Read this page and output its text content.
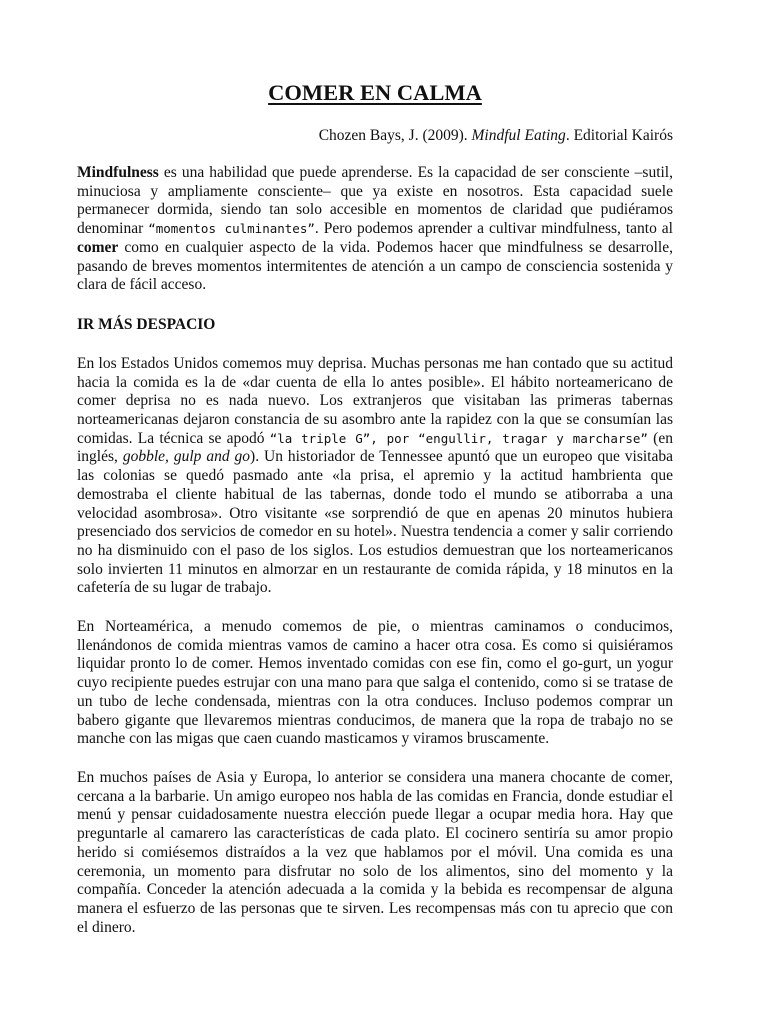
COMER EN CALMA
Chozen Bays, J. (2009). Mindful Eating. Editorial Kairós

Mindfulness es una habilidad que puede aprenderse. Es la capacidad de ser consciente –sutil, minuciosa y ampliamente consciente– que ya existe en nosotros. Esta capacidad suele permanecer dormida, siendo tan solo accesible en momentos de claridad que pudiéramos denominar “momentos culminantes”. Pero podemos aprender a cultivar mindfulness, tanto al comer como en cualquier aspecto de la vida. Podemos hacer que mindfulness se desarrolle, pasando de breves momentos intermitentes de atención a un campo de consciencia sostenida y clara de fácil acceso.

IR MÁS DESPACIO

En los Estados Unidos comemos muy deprisa. Muchas personas me han contado que su actitud hacia la comida es la de «dar cuenta de ella lo antes posible». El hábito norteamericano de comer deprisa no es nada nuevo. Los extranjeros que visitaban las primeras tabernas norteamericanas dejaron constancia de su asombro ante la rapidez con la que se consumían las comidas. La técnica se apodó “la triple G”, por “engullir, tragar y marcharse” (en inglés, gobble, gulp and go). Un historiador de Tennessee apuntó que un europeo que visitaba las colonias se quedó pasmado ante «la prisa, el apremio y la actitud hambrienta que demostraba el cliente habitual de las tabernas, donde todo el mundo se atiborraba a una velocidad asombrosa». Otro visitante «se sorprendió de que en apenas 20 minutos hubiera presenciado dos servicios de comedor en su hotel». Nuestra tendencia a comer y salir corriendo no ha disminuido con el paso de los siglos. Los estudios demuestran que los norteamericanos solo invierten 11 minutos en almorzar en un restaurante de comida rápida, y 18 minutos en la cafetería de su lugar de trabajo.

En Norteamérica, a menudo comemos de pie, o mientras caminamos o conducimos, llenándonos de comida mientras vamos de camino a hacer otra cosa. Es como si quisiéramos liquidar pronto lo de comer. Hemos inventado comidas con ese fin, como el go-gurt, un yogur cuyo recipiente puedes estrujar con una mano para que salga el contenido, como si se tratase de un tubo de leche condensada, mientras con la otra conduces. Incluso podemos comprar un babero gigante que llevaremos mientras conducimos, de manera que la ropa de trabajo no se manche con las migas que caen cuando masticamos y viramos bruscamente.

En muchos países de Asia y Europa, lo anterior se considera una manera chocante de comer, cercana a la barbarie. Un amigo europeo nos habla de las comidas en Francia, donde estudiar el menú y pensar cuidadosamente nuestra elección puede llegar a ocupar media hora. Hay que preguntarle al camarero las características de cada plato. El cocinero sentiría su amor propio herido si comiésemos distraídos a la vez que hablamos por el móvil. Una comida es una ceremonia, un momento para disfrutar no solo de los alimentos, sino del momento y la compañía. Conceder la atención adecuada a la comida y la bebida es recompensar de alguna manera el esfuerzo de las personas que te sirven. Les recompensas más con tu aprecio que con el dinero.
